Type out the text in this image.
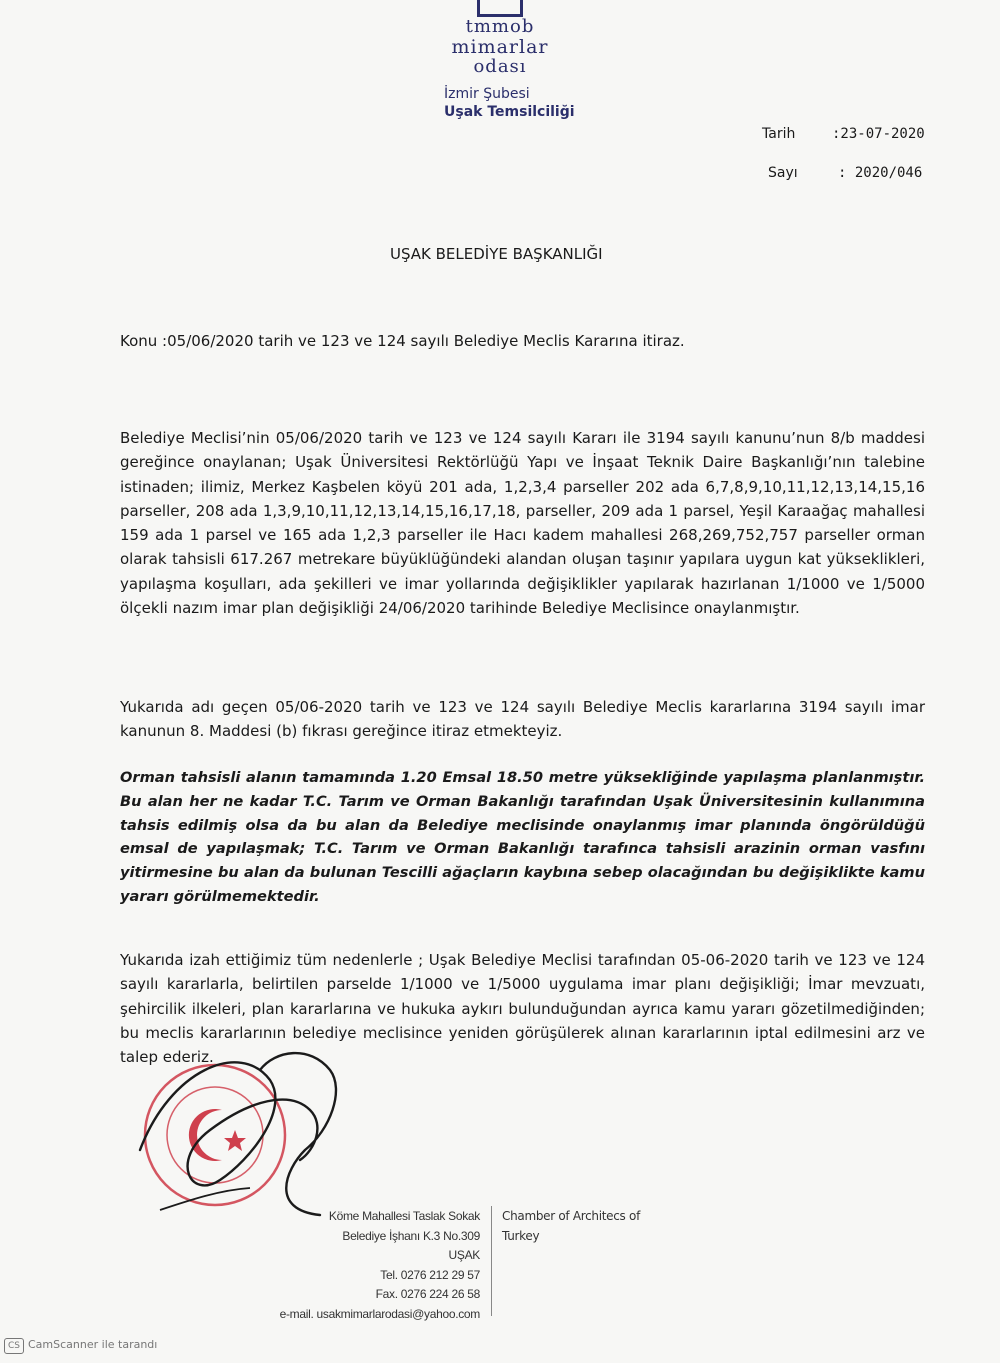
tmmob
mimarlar
odası
İzmir Şubesi
Uşak Temsilciliği
Tarih	:23-07-2020
Sayı	: 2020/046
UŞAK BELEDİYE BAŞKANLIĞI
Konu :05/06/2020 tarih ve 123 ve 124 sayılı Belediye Meclis Kararına itiraz.
Belediye Meclisi’nin 05/06/2020 tarih ve 123 ve 124 sayılı Kararı ile 3194 sayılı kanunu’nun 8/b maddesi gereğince onaylanan; Uşak Üniversitesi Rektörlüğü Yapı ve İnşaat Teknik Daire Başkanlığı’nın talebine istinaden; ilimiz, Merkez Kaşbelen köyü 201 ada, 1,2,3,4 parseller 202 ada 6,7,8,9,10,11,12,13,14,15,16 parseller, 208 ada 1,3,9,10,11,12,13,14,15,16,17,18, parseller, 209 ada 1 parsel, Yeşil Karaağaç mahallesi 159 ada 1 parsel ve 165 ada 1,2,3 parseller ile Hacı kadem mahallesi 268,269,752,757 parseller orman olarak tahsisli 617.267 metrekare büyüklüğündeki alandan oluşan taşınır yapılara uygun kat yükseklikleri, yapılaşma koşulları, ada şekilleri ve imar yollarında değişiklikler yapılarak hazırlanan 1/1000 ve 1/5000 ölçekli nazım imar plan değişikliği 24/06/2020 tarihinde Belediye Meclisince onaylanmıştır.
Yukarıda adı geçen 05/06-2020 tarih ve 123 ve 124 sayılı Belediye Meclis kararlarına 3194 sayılı imar kanunun 8. Maddesi (b) fıkrası gereğince itiraz etmekteyiz.
Orman tahsisli alanın tamamında 1.20 Emsal 18.50 metre yüksekliğinde yapılaşma planlanmıştır. Bu alan her ne kadar T.C. Tarım ve Orman Bakanlığı tarafından Uşak Üniversitesinin kullanımına tahsis edilmiş olsa da bu alan da Belediye meclisinde onaylanmış imar planında öngörüldüğü emsal de yapılaşmak; T.C. Tarım ve Orman Bakanlığı tarafınca tahsisli arazinin orman vasfını yitirmesine bu alan da bulunan Tescilli ağaçların kaybına sebep olacağından bu değişiklikte kamu yararı görülmemektedir.
Yukarıda izah ettiğimiz tüm nedenlerle ; Uşak Belediye Meclisi tarafından 05-06-2020 tarih ve 123 ve 124 sayılı kararlarla, belirtilen parselde 1/1000 ve 1/5000 uygulama imar planı değişikliği; İmar mevzuatı, şehircilik ilkeleri, plan kararlarına ve hukuka aykırı bulunduğundan ayrıca kamu yararı gözetilmediğinden; bu meclis kararlarının belediye meclisince yeniden görüşülerek alınan kararlarının iptal edilmesini arz ve talep ederiz.
Köme Mahallesi Taslak Sokak
Belediye İşhanı K.3 No.309
UŞAK
Tel. 0276 212 29 57
Fax. 0276 224 26 58
e-mail. usakmimarlarodasi@yahoo.com
Chamber of Architecs of
Turkey
CS CamScanner ile tarandı
